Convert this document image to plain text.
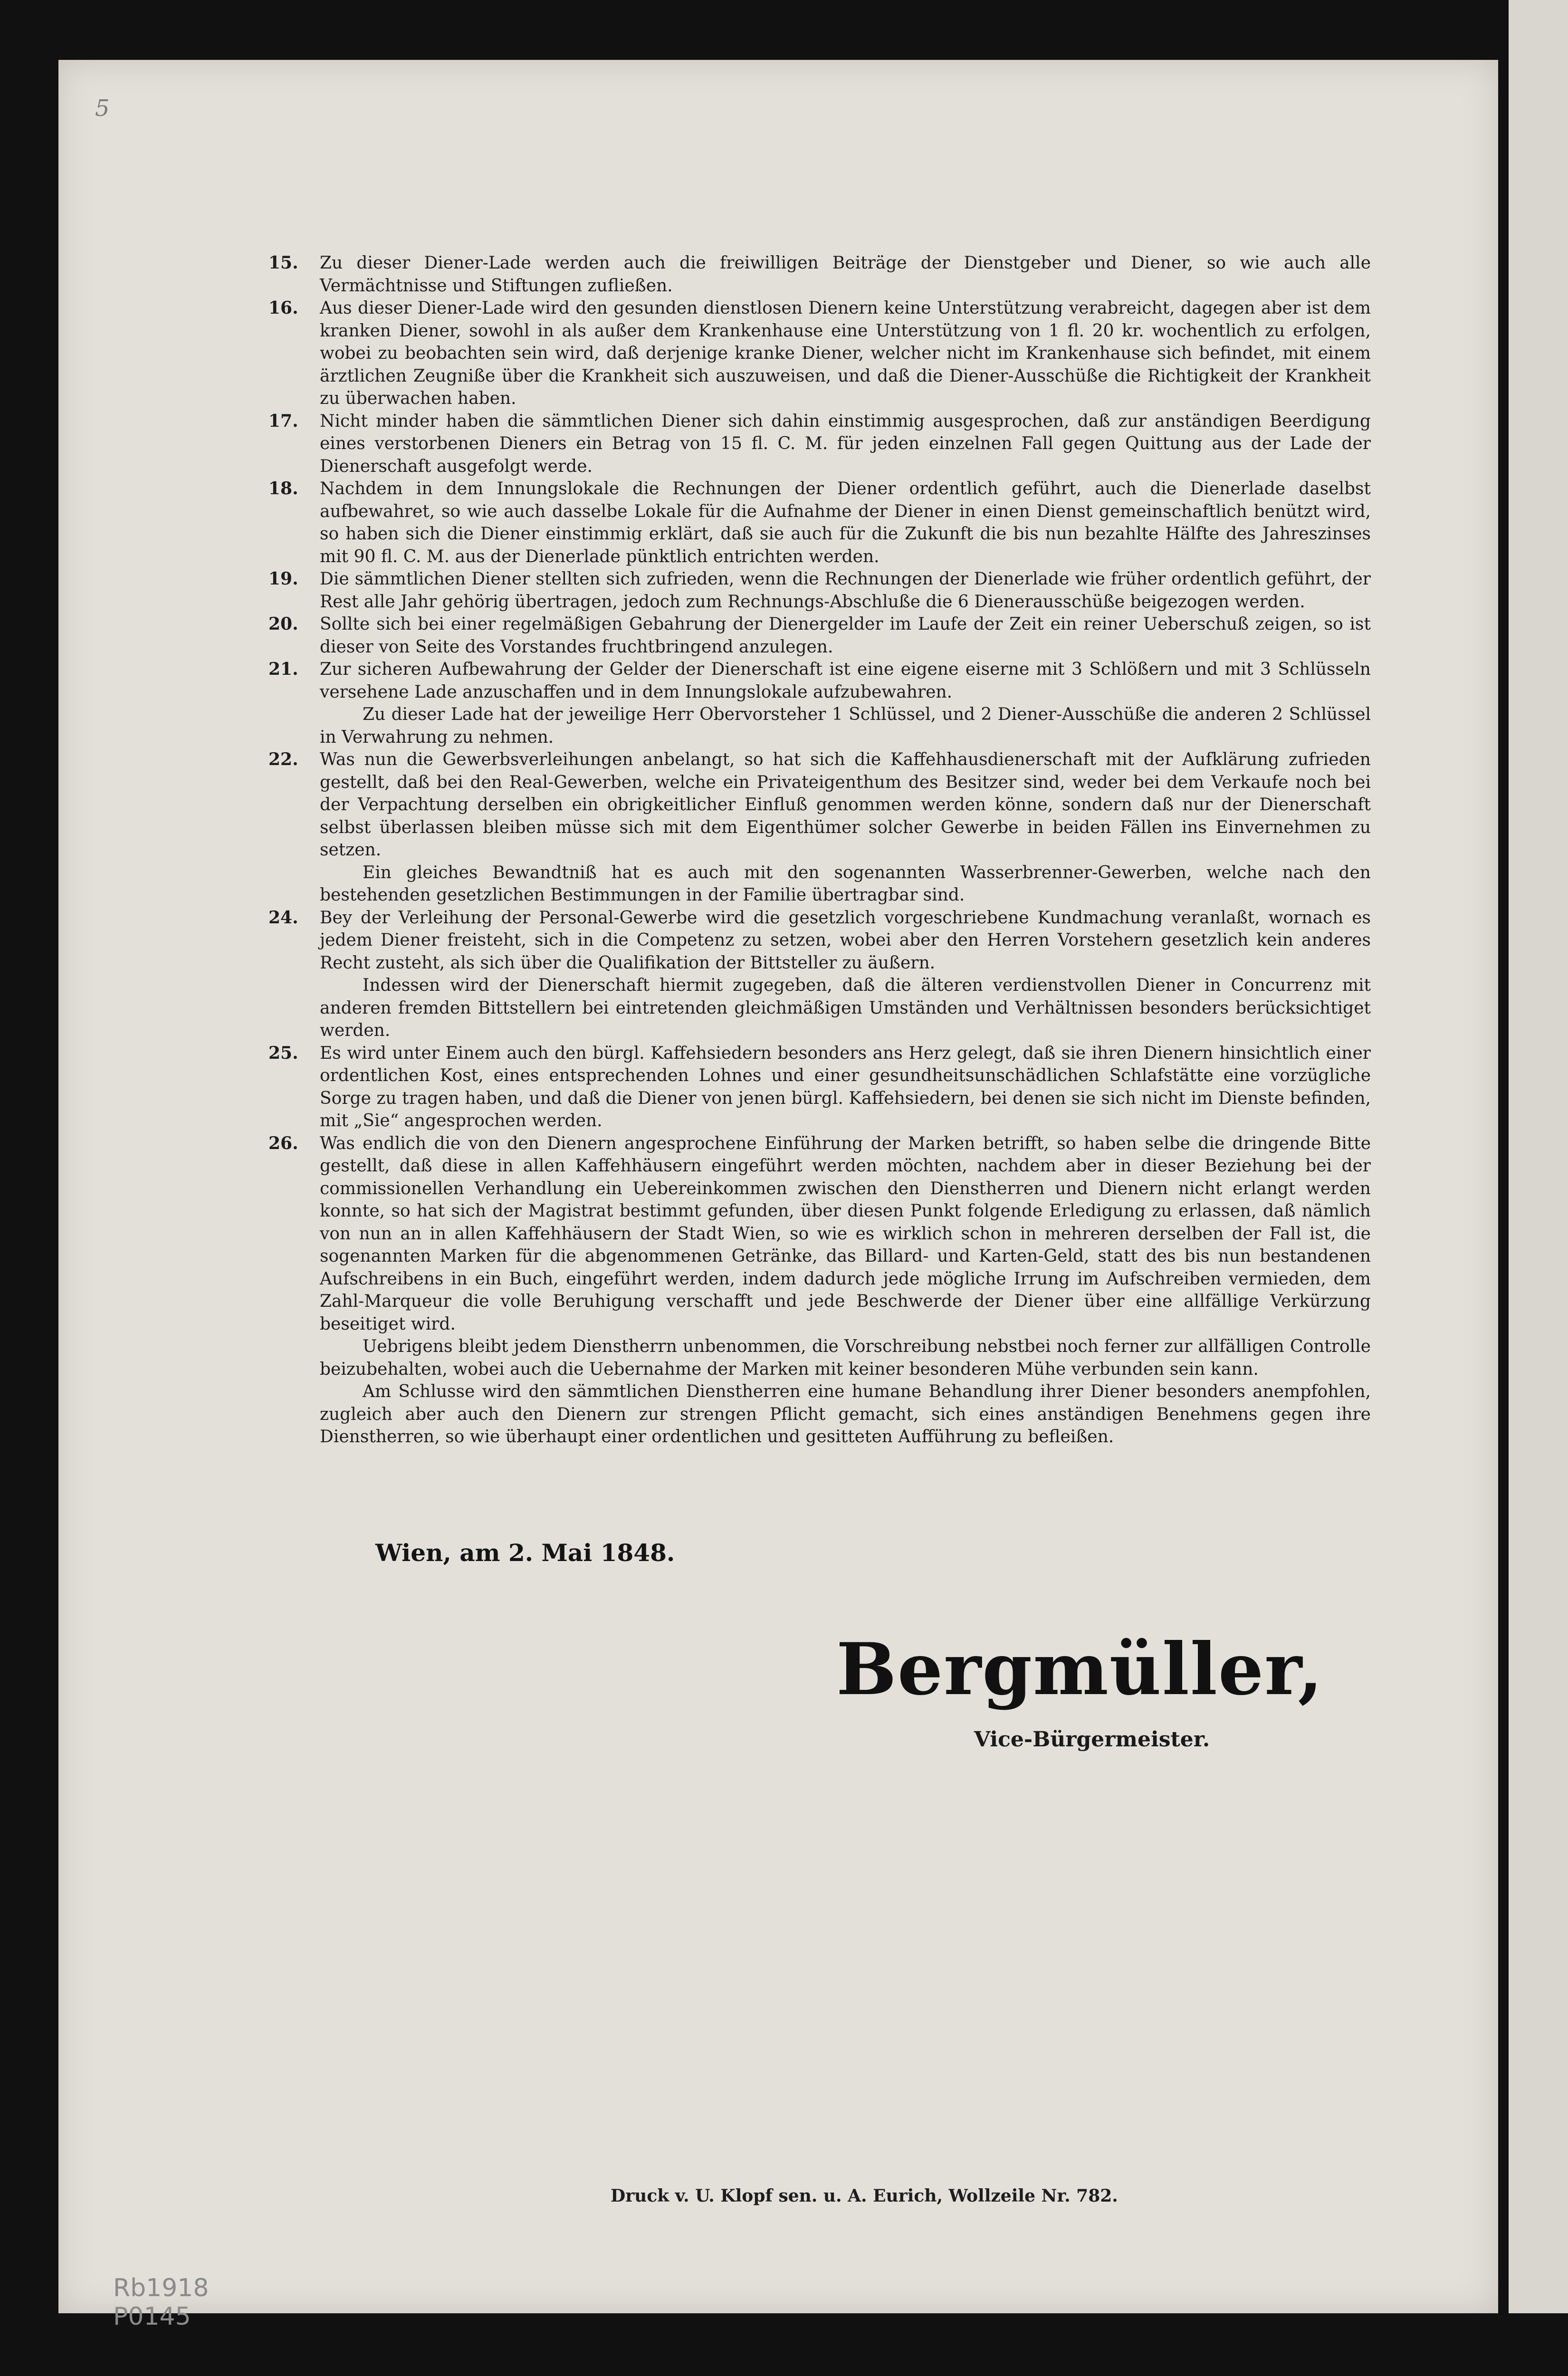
5
15.	Zu dieser Diener-Lade werden auch die freiwilligen Beiträge der Dienstgeber und Diener, so wie auch alle Vermächtnisse und Stiftungen zufließen.
16.	Aus dieser Diener-Lade wird den gesunden dienstlosen Dienern keine Unterstützung verabreicht, dagegen aber ist dem kranken Diener, sowohl in als außer dem Krankenhause eine Unterstützung von 1 fl. 20 kr. wochentlich zu erfolgen, wobei zu beobachten sein wird, daß derjenige kranke Diener, welcher nicht im Krankenhause sich befindet, mit einem ärztlichen Zeugniße über die Krankheit sich auszuweisen, und daß die Diener-Ausschüße die Richtigkeit der Krankheit zu überwachen haben.
17.	Nicht minder haben die sämmtlichen Diener sich dahin einstimmig ausgesprochen, daß zur anständigen Beerdigung eines verstorbenen Dieners ein Betrag von 15 fl. C. M. für jeden einzelnen Fall gegen Quittung aus der Lade der Dienerschaft ausgefolgt werde.
18.	Nachdem in dem Innungslokale die Rechnungen der Diener ordentlich geführt, auch die Dienerlade daselbst aufbewahret, so wie auch dasselbe Lokale für die Aufnahme der Diener in einen Dienst gemeinschaftlich benützt wird, so haben sich die Diener einstimmig erklärt, daß sie auch für die Zukunft die bis nun bezahlte Hälfte des Jahreszinses mit 90 fl. C. M. aus der Dienerlade pünktlich entrichten werden.
19.	Die sämmtlichen Diener stellten sich zufrieden, wenn die Rechnungen der Dienerlade wie früher ordentlich geführt, der Rest alle Jahr gehörig übertragen, jedoch zum Rechnungs-Abschluße die 6 Dienerausschüße beigezogen werden.
20.	Sollte sich bei einer regelmäßigen Gebahrung der Dienergelder im Laufe der Zeit ein reiner Ueberschuß zeigen, so ist dieser von Seite des Vorstandes fruchtbringend anzulegen.
21.	Zur sicheren Aufbewahrung der Gelder der Dienerschaft ist eine eigene eiserne mit 3 Schlößern und mit 3 Schlüsseln versehene Lade anzuschaffen und in dem Innungslokale aufzubewahren.
Zu dieser Lade hat der jeweilige Herr Obervorsteher 1 Schlüssel, und 2 Diener-Ausschüße die anderen 2 Schlüssel in Verwahrung zu nehmen.
22.	Was nun die Gewerbsverleihungen anbelangt, so hat sich die Kaffehhausdienerschaft mit der Aufklärung zufrieden gestellt, daß bei den Real-Gewerben, welche ein Privateigenthum des Besitzer sind, weder bei dem Verkaufe noch bei der Verpachtung derselben ein obrigkeitlicher Einfluß genommen werden könne, sondern daß nur der Dienerschaft selbst überlassen bleiben müsse sich mit dem Eigenthümer solcher Gewerbe in beiden Fällen ins Einvernehmen zu setzen.
Ein gleiches Bewandtniß hat es auch mit den sogenannten Wasserbrenner-Gewerben, welche nach den bestehenden gesetzlichen Bestimmungen in der Familie übertragbar sind.
24.	Bey der Verleihung der Personal-Gewerbe wird die gesetzlich vorgeschriebene Kundmachung veranlaßt, wornach es jedem Diener freisteht, sich in die Competenz zu setzen, wobei aber den Herren Vorstehern gesetzlich kein anderes Recht zusteht, als sich über die Qualifikation der Bittsteller zu äußern.
Indessen wird der Dienerschaft hiermit zugegeben, daß die älteren verdienstvollen Diener in Concurrenz mit anderen fremden Bittstellern bei eintretenden gleichmäßigen Umständen und Verhältnissen besonders berücksichtiget werden.
25.	Es wird unter Einem auch den bürgl. Kaffehsiedern besonders ans Herz gelegt, daß sie ihren Dienern hinsichtlich einer ordentlichen Kost, eines entsprechenden Lohnes und einer gesundheitsunschädlichen Schlafstätte eine vorzügliche Sorge zu tragen haben, und daß die Diener von jenen bürgl. Kaffehsiedern, bei denen sie sich nicht im Dienste befinden, mit „Sie“ angesprochen werden.
26.	Was endlich die von den Dienern angesprochene Einführung der Marken betrifft, so haben selbe die dringende Bitte gestellt, daß diese in allen Kaffehhäusern eingeführt werden möchten, nachdem aber in dieser Beziehung bei der commissionellen Verhandlung ein Uebereinkommen zwischen den Dienstherren und Dienern nicht erlangt werden konnte, so hat sich der Magistrat bestimmt gefunden, über diesen Punkt folgende Erledigung zu erlassen, daß nämlich von nun an in allen Kaffehhäusern der Stadt Wien, so wie es wirklich schon in mehreren derselben der Fall ist, die sogenannten Marken für die abgenommenen Getränke, das Billard- und Karten-Geld, statt des bis nun bestandenen Aufschreibens in ein Buch, eingeführt werden, indem dadurch jede mögliche Irrung im Aufschreiben vermieden, dem Zahl-Marqueur die volle Beruhigung verschafft und jede Beschwerde der Diener über eine allfällige Verkürzung beseitiget wird.
Uebrigens bleibt jedem Dienstherrn unbenommen, die Vorschreibung nebstbei noch ferner zur allfälligen Controlle beizubehalten, wobei auch die Uebernahme der Marken mit keiner besonderen Mühe verbunden sein kann.
Am Schlusse wird den sämmtlichen Dienstherren eine humane Behandlung ihrer Diener besonders anempfohlen, zugleich aber auch den Dienern zur strengen Pflicht gemacht, sich eines anständigen Benehmens gegen ihre Dienstherren, so wie überhaupt einer ordentlichen und gesitteten Aufführung zu befleißen.
Wien, am 2. Mai 1848.
Bergmüller,
Vice-Bürgermeister.
Druck v. U. Klopf sen. u. A. Eurich, Wollzeile Nr. 782.
Rb1918
P0145
